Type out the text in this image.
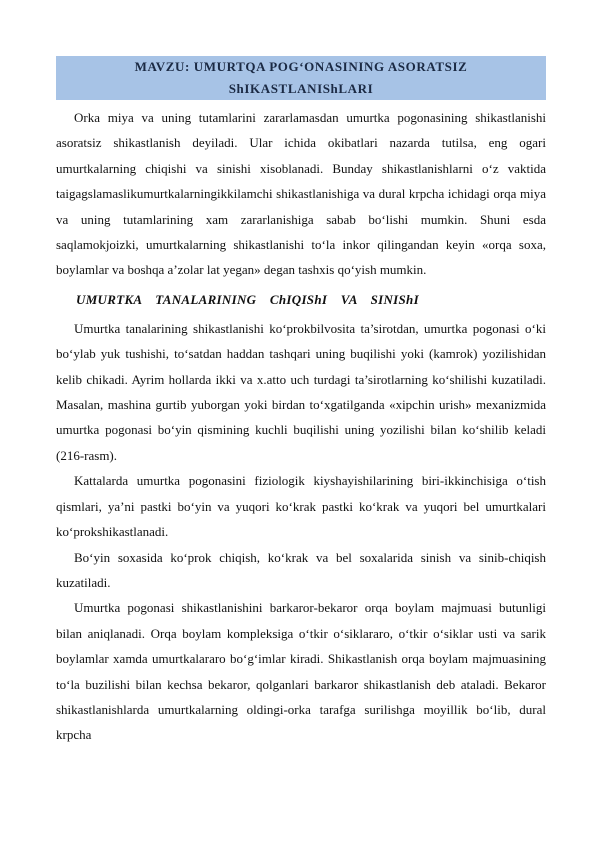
MAVZU: UMURTQA POG‘ONASINING ASORATSIZ
ShIKASTLANIShLARI

Orka miya va uning tutamlarini zararlamasdan umurtka pogonasining shikastlanishi asoratsiz shikastlanish deyiladi. Ular ichida okibatlari nazarda tutilsa, eng ogari umurtkalarning chiqishi va sinishi xisoblanadi. Bunday shikastlanishlarni o‘z vaktida taigagslamaslikumurtkalarningikkilamchi shikastlanishiga va dural krpcha ichidagi orqa miya va uning tutamlarining xam zararlanishiga sabab bo‘lishi mumkin. Shuni esda saqlamokjoizki, umurtkalarning shikastlanishi to‘la inkor qilingandan keyin «orqa soxa, boylamlar va boshqa a’zolar lat yegan» degan tashxis qo‘yish mumkin.

UMURTKA TANALARINING ChIQIShI VA SINIShI

Umurtka tanalarining shikastlanishi ko‘prokbilvosita ta’sirotdan, umurtka pogonasi o‘ki bo‘ylab yuk tushishi, to‘satdan haddan tashqari uning buqilishi yoki (kamrok) yozilishidan kelib chikadi. Ayrim hollarda ikki va x.atto uch turdagi ta’sirotlarning ko‘shilishi kuzatiladi. Masalan, mashina gurtib yuborgan yoki birdan to‘xgatilganda «xipchin urish» mexanizmida umurtka pogonasi bo‘yin qismining kuchli buqilishi uning yozilishi bilan ko‘shilib keladi (216-rasm).

Kattalarda umurtka pogonasini fiziologik kiyshayishilarining biri-ikkinchisiga o‘tish qismlari, ya’ni pastki bo‘yin va yuqori ko‘krak pastki ko‘krak va yuqori bel umurtkalari ko‘prokshikastlanadi.

Bo‘yin soxasida ko‘prok chiqish, ko‘krak va bel soxalarida sinish va sinib-chiqish kuzatiladi.

Umurtka pogonasi shikastlanishini barkaror-bekaror orqa boylam majmuasi butunligi bilan aniqlanadi. Orqa boylam kompleksiga o‘tkir o‘siklararo, o‘tkir o‘siklar usti va sarik boylamlar xamda umurtkalararo bo‘g‘imlar kiradi. Shikastlanish orqa boylam majmuasining to‘la buzilishi bilan kechsa bekaror, qolganlari barkaror shikastlanish deb ataladi. Bekaror shikastlanishlarda umurtkalarning oldingi-orka tarafga surilishga moyillik bo‘lib, dural krpcha
